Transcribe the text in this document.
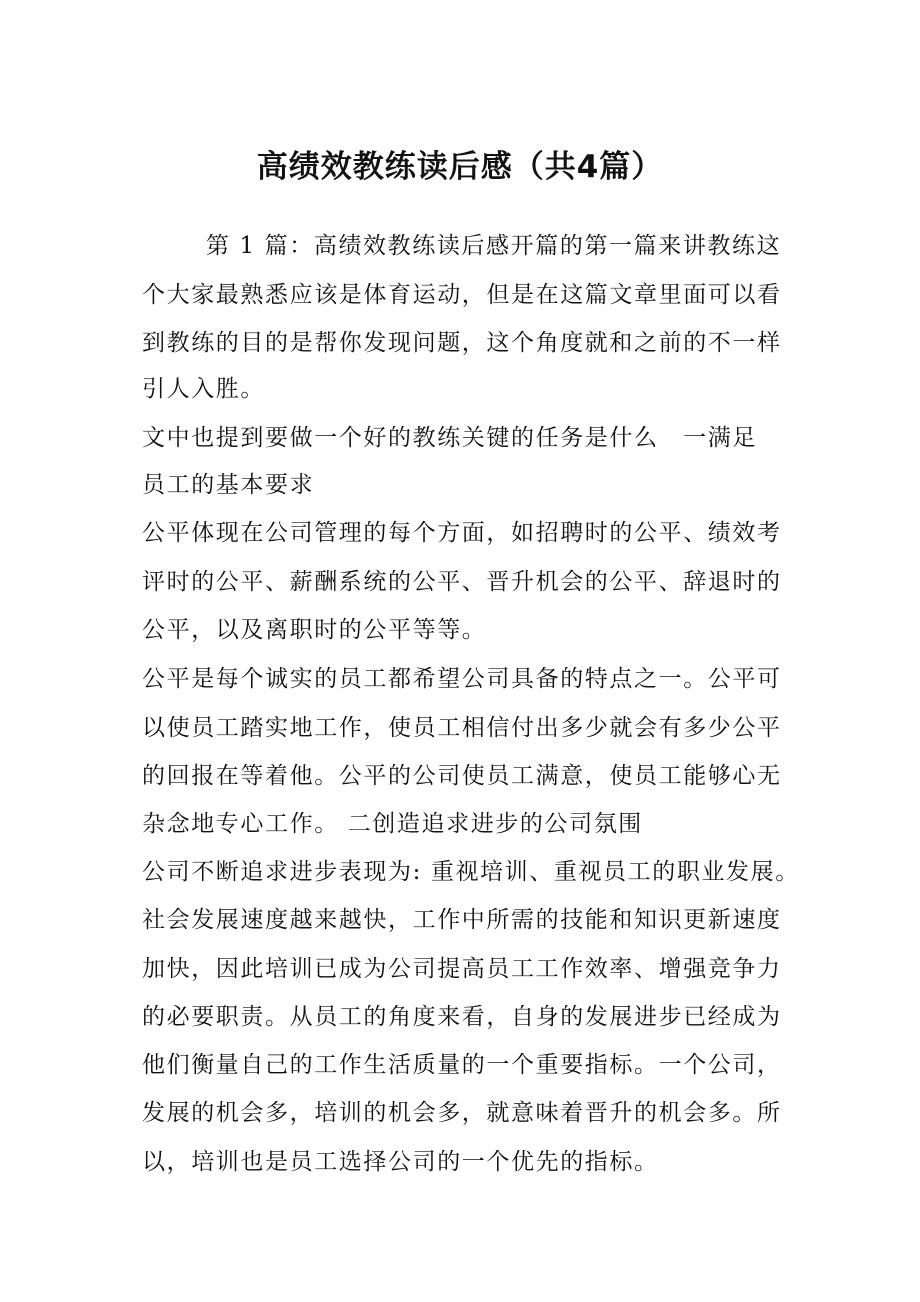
高绩效教练读后感（共4篇）

第 1 篇：高绩效教练读后感开篇的第一篇来讲教练这

个大家最熟悉应该是体育运动，但是在这篇文章里面可以看

到教练的目的是帮你发现问题，这个角度就和之前的不一样

引人入胜。

文中也提到要做一个好的教练关键的任务是什么　一满足

员工的基本要求

公平体现在公司管理的每个方面，如招聘时的公平、绩效考

评时的公平、薪酬系统的公平、晋升机会的公平、辞退时的

公平，以及离职时的公平等等。

公平是每个诚实的员工都希望公司具备的特点之一。公平可

以使员工踏实地工作，使员工相信付出多少就会有多少公平

的回报在等着他。公平的公司使员工满意，使员工能够心无

杂念地专心工作。 二创造追求进步的公司氛围

公司不断追求进步表现为: 重视培训、重视员工的职业发展。

社会发展速度越来越快，工作中所需的技能和知识更新速度

加快，因此培训已成为公司提高员工工作效率、增强竞争力

的必要职责。从员工的角度来看，自身的发展进步已经成为

他们衡量自己的工作生活质量的一个重要指标。一个公司，

发展的机会多，培训的机会多，就意味着晋升的机会多。所

以，培训也是员工选择公司的一个优先的指标。
